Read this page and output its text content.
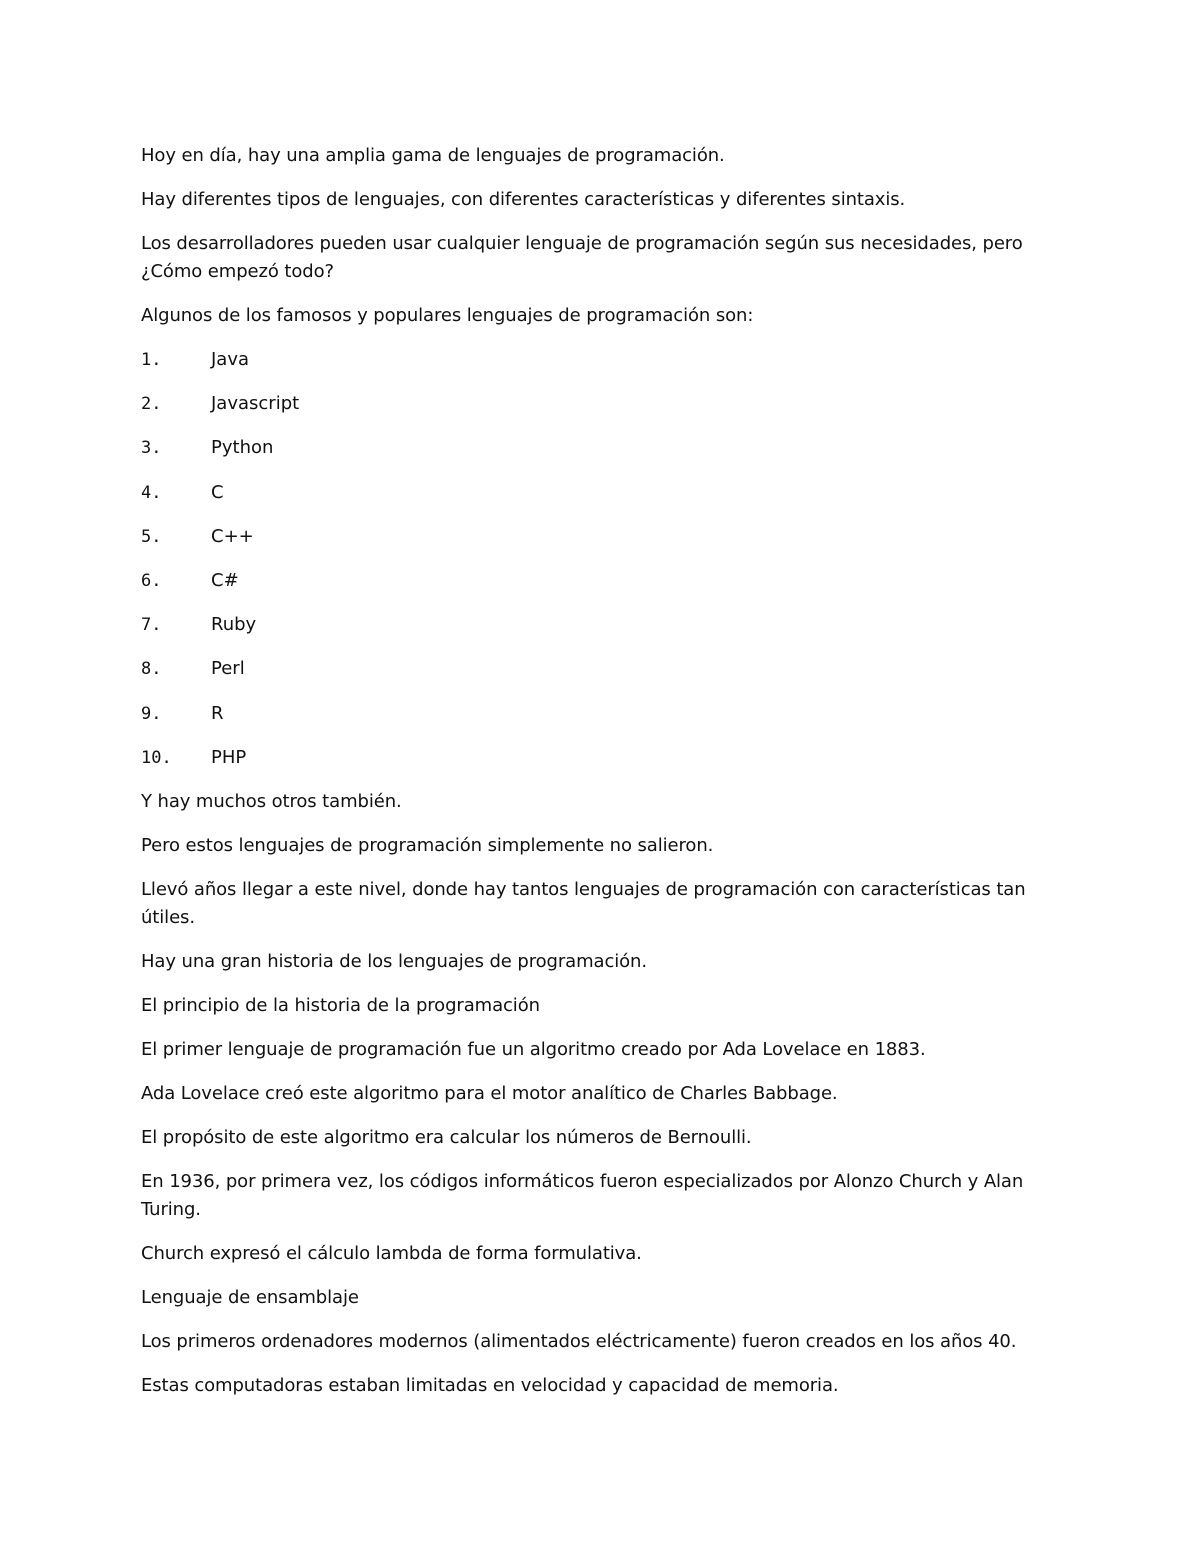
Hoy en día, hay una amplia gama de lenguajes de programación.

Hay diferentes tipos de lenguajes, con diferentes características y diferentes sintaxis.

Los desarrolladores pueden usar cualquier lenguaje de programación según sus necesidades, pero
¿Cómo empezó todo?

Algunos de los famosos y populares lenguajes de programación son:

1.	Java
2.	Javascript
3.	Python
4.	C
5.	C++
6.	C#
7.	Ruby
8.	Perl
9.	R
10.	PHP

Y hay muchos otros también.

Pero estos lenguajes de programación simplemente no salieron.

Llevó años llegar a este nivel, donde hay tantos lenguajes de programación con características tan útiles.

Hay una gran historia de los lenguajes de programación.

El principio de la historia de la programación

El primer lenguaje de programación fue un algoritmo creado por Ada Lovelace en 1883.

Ada Lovelace creó este algoritmo para el motor analítico de Charles Babbage.

El propósito de este algoritmo era calcular los números de Bernoulli.

En 1936, por primera vez, los códigos informáticos fueron especializados por Alonzo Church y Alan
Turing.

Church expresó el cálculo lambda de forma formulativa.

Lenguaje de ensamblaje

Los primeros ordenadores modernos (alimentados eléctricamente) fueron creados en los años 40.

Estas computadoras estaban limitadas en velocidad y capacidad de memoria.
